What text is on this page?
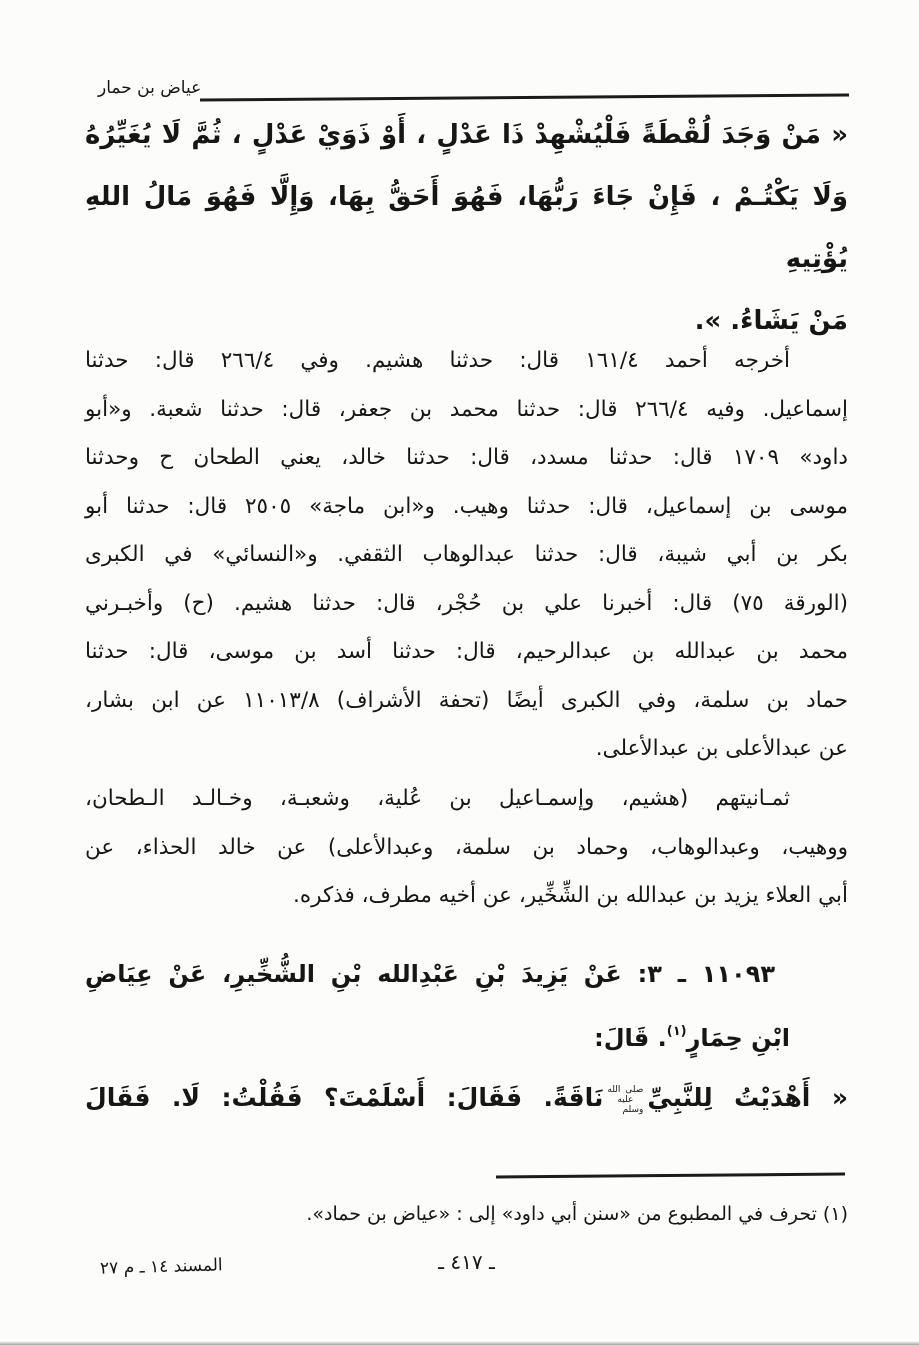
عياض بن حمار
« مَنْ وَجَدَ لُقْطَةً فَلْيُشْهِدْ ذَا عَدْلٍ ، أَوْ ذَوَيْ عَدْلٍ ، ثُمَّ لَا يُغَيِّرُهُ
وَلَا يَكْتُـمْ ، فَإِنْ جَاءَ رَبُّهَا، فَهُوَ أَحَقُّ بِهَا، وَإِلَّا فَهُوَ مَالُ اللهِ يُؤْتِيهِ
مَنْ يَشَاءُ. ».
أخرجه أحمد ١٦١/٤ قال: حدثنا هشيم. وفي ٢٦٦/٤ قال: حدثنا
إسماعيل. وفيه ٢٦٦/٤ قال: حدثنا محمد بن جعفر، قال: حدثنا شعبة. و«أبو
داود» ١٧٠٩ قال: حدثنا مسدد، قال: حدثنا خالد، يعني الطحان ح وحدثنا
موسى بن إسماعيل، قال: حدثنا وهيب. و«ابن ماجة» ٢٥٠٥ قال: حدثنا أبو
بكر بن أبي شيبة، قال: حدثنا عبدالوهاب الثقفي. و«النسائي» في الكبرى
(الورقة ٧٥) قال: أخبرنا علي بن حُجْر، قال: حدثنا هشيم. (ح) وأخبـرني
محمد بن عبدالله بن عبدالرحيم، قال: حدثنا أسد بن موسى، قال: حدثنا
حماد بن سلمة، وفي الكبرى أيضًا (تحفة الأشراف) ١١٠١٣/٨ عن ابن بشار،
عن عبدالأعلى بن عبدالأعلى.
ثمـانيتهم (هشيم، وإسمـاعيل بن عُلية، وشعبـة، وخـالـد الـطحان،
ووهيب، وعبدالوهاب، وحماد بن سلمة، وعبدالأعلى) عن خالد الحذاء، عن
أبي العلاء يزيد بن عبدالله بن الشِّخِّير، عن أخيه مطرف، فذكره.
١١٠٩٣ ـ ٣: عَنْ يَزِيدَ بْنِ عَبْدِالله بْنِ الشُّخِّيرِ، عَنْ عِيَاضِ
ابْنِ حِمَارٍ$^{(١)}$. قَالَ:
« أَهْدَيْتُ لِلنَّبِيِّ
صلى الله
عليه وسلم
نَاقَةً. فَقَالَ: أَسْلَمْتَ؟ فَقُلْتُ: لَا. فَقَالَ
(١) تحرف في المطبوع من «سنن أبي داود» إلى : «عياض بن حماد».
ـ ٤١٧ ـ
المسند ١٤ ـ م ٢٧
